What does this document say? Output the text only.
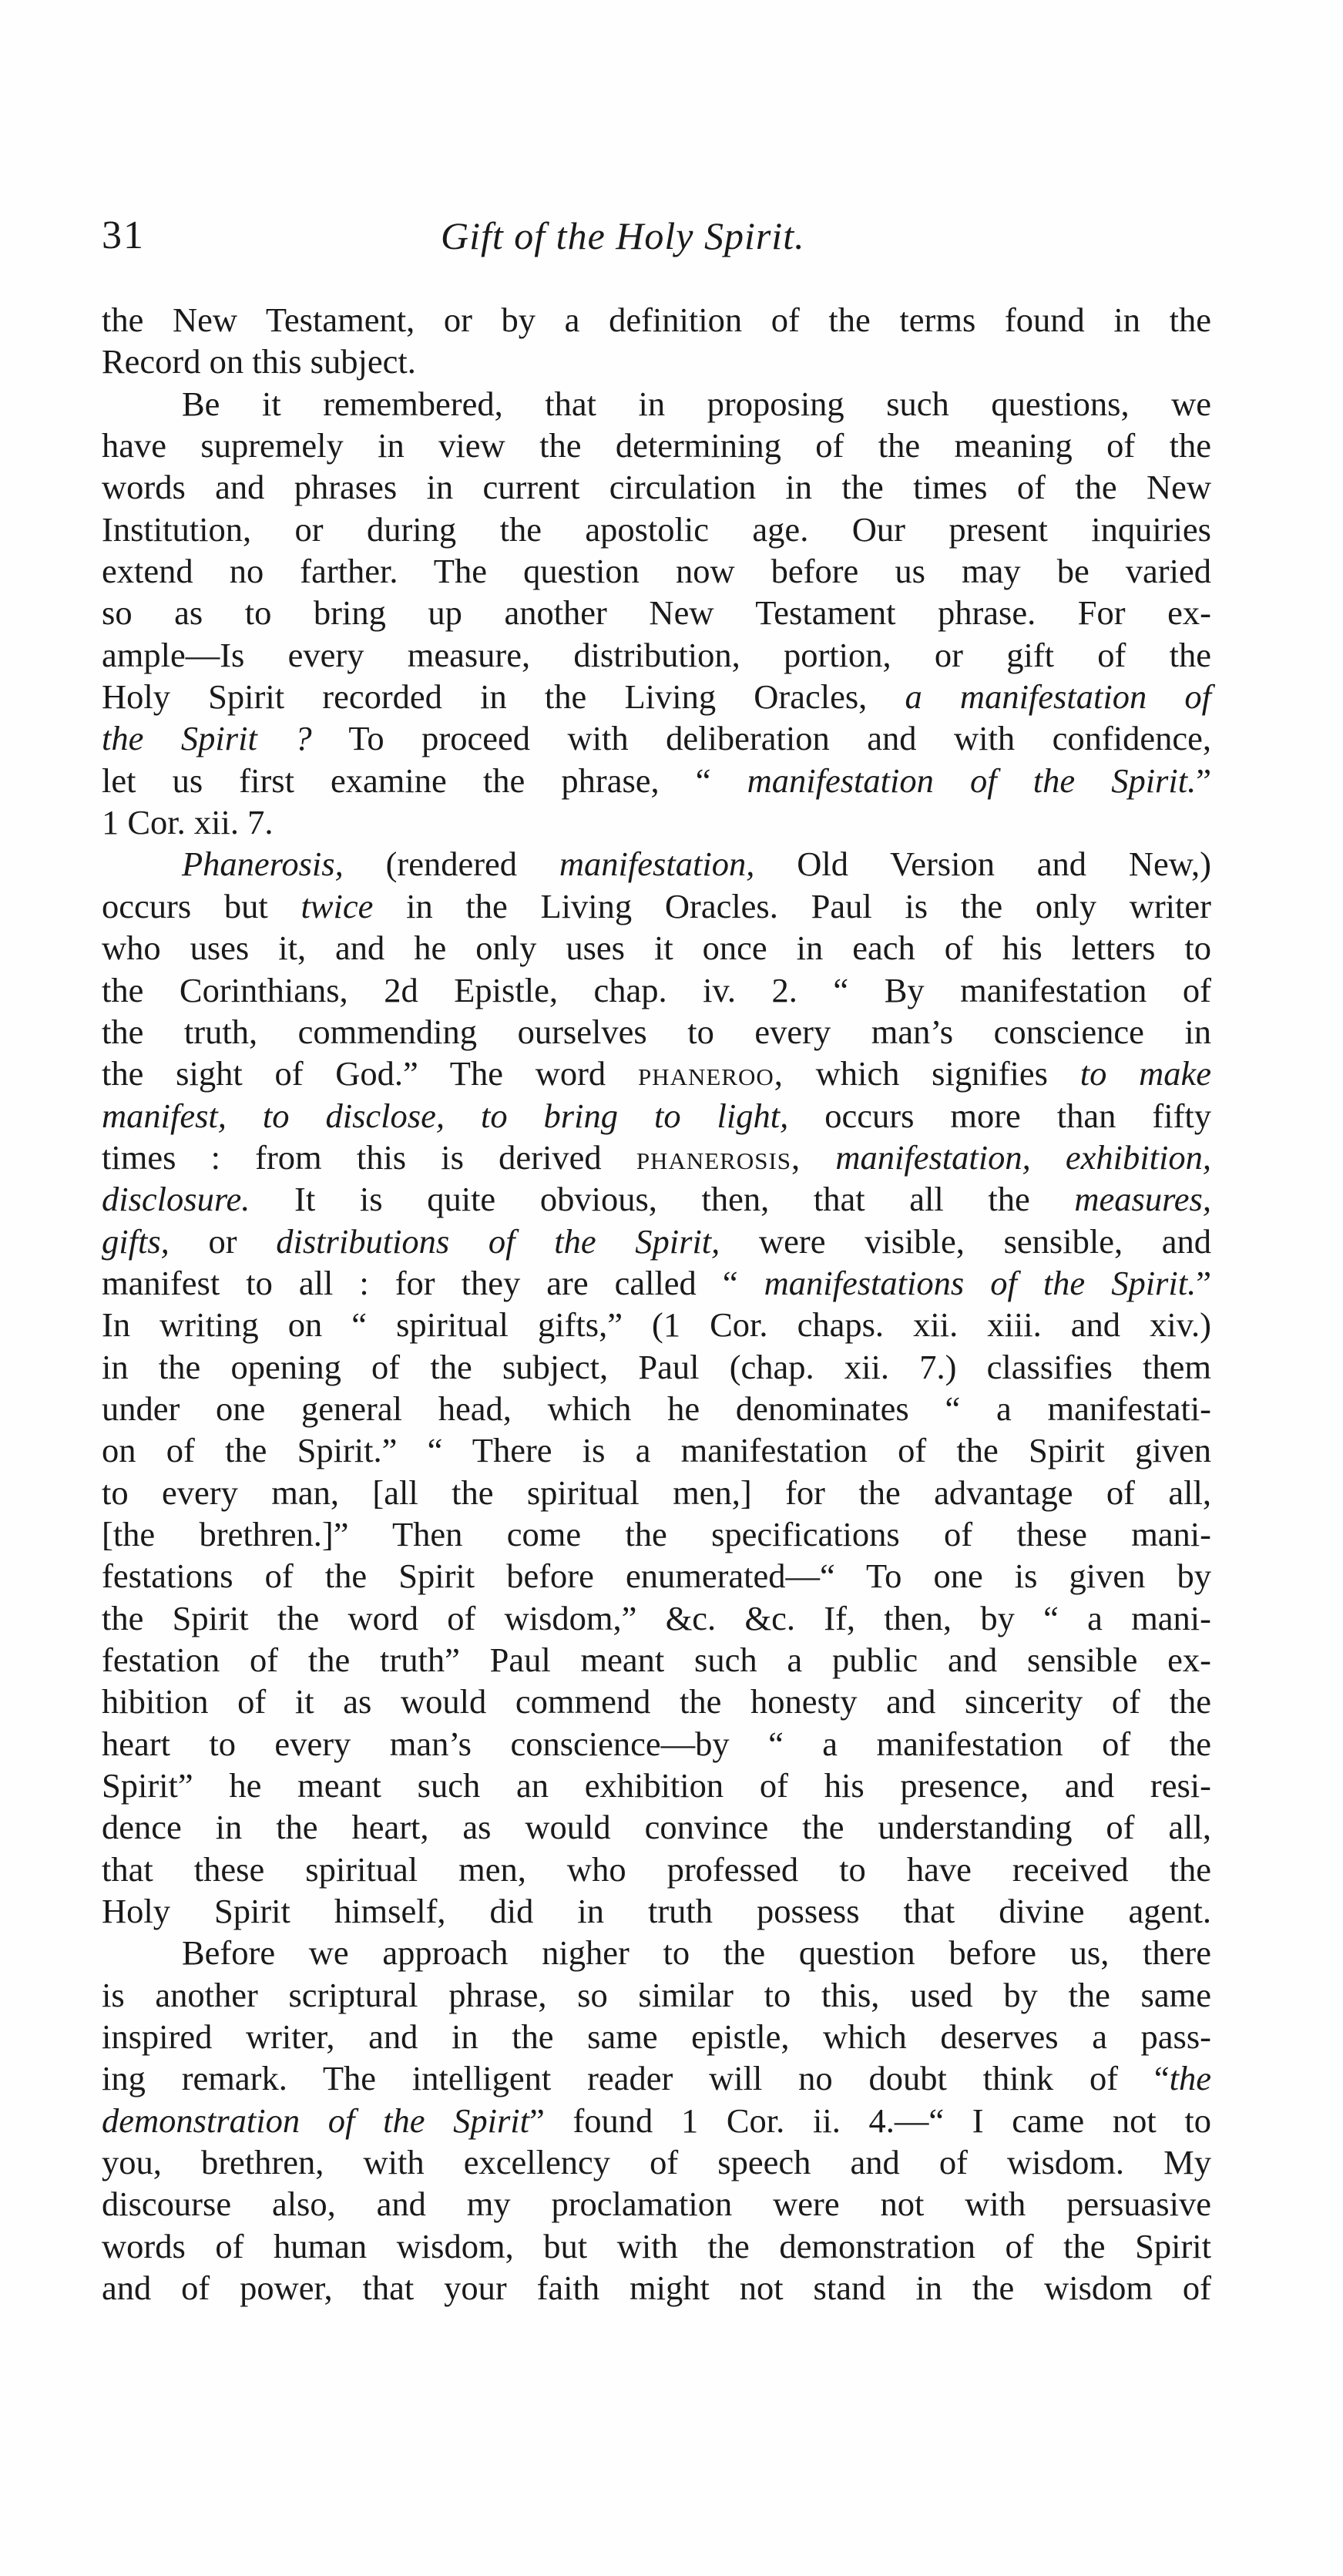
31	Gift of the Holy Spirit.
the New Testament, or by a definition of the terms found in the
Record on this subject.
Be it remembered, that in proposing such questions, we
have supremely in view the determining of the meaning of the
words and phrases in current circulation in the times of the New
Institution, or during the apostolic age. Our present inquiries
extend no farther. The question now before us may be varied
so as to bring up another New Testament phrase. For ex-
ample—Is every measure, distribution, portion, or gift of the
Holy Spirit recorded in the Living Oracles, a manifestation of
the Spirit ? To proceed with deliberation and with confidence,
let us first examine the phrase, “ manifestation of the Spirit.”
1 Cor. xii. 7.
Phanerosis, (rendered manifestation, Old Version and New,)
occurs but twice in the Living Oracles. Paul is the only writer
who uses it, and he only uses it once in each of his letters to
the Corinthians, 2d Epistle, chap. iv. 2. “ By manifestation of
the truth, commending ourselves to every man’s conscience in
the sight of God.” The word phaneroo, which signifies to make
manifest, to disclose, to bring to light, occurs more than fifty
times : from this is derived phanerosis, manifestation, exhibition,
disclosure. It is quite obvious, then, that all the measures,
gifts, or distributions of the Spirit, were visible, sensible, and
manifest to all : for they are called “ manifestations of the Spirit.”
In writing on “ spiritual gifts,” (1 Cor. chaps. xii. xiii. and xiv.)
in the opening of the subject, Paul (chap. xii. 7.) classifies them
under one general head, which he denominates “ a manifestati-
on of the Spirit.” “ There is a manifestation of the Spirit given
to every man, [all the spiritual men,] for the advantage of all,
[the brethren.]” Then come the specifications of these mani-
festations of the Spirit before enumerated—“ To one is given by
the Spirit the word of wisdom,” &c. &c. If, then, by “ a mani-
festation of the truth” Paul meant such a public and sensible ex-
hibition of it as would commend the honesty and sincerity of the
heart to every man’s conscience—by “ a manifestation of the
Spirit” he meant such an exhibition of his presence, and resi-
dence in the heart, as would convince the understanding of all,
that these spiritual men, who professed to have received the
Holy Spirit himself, did in truth possess that divine agent.
Before we approach nigher to the question before us, there
is another scriptural phrase, so similar to this, used by the same
inspired writer, and in the same epistle, which deserves a pass-
ing remark. The intelligent reader will no doubt think of “the
demonstration of the Spirit” found 1 Cor. ii. 4.—“ I came not to
you, brethren, with excellency of speech and of wisdom. My
discourse also, and my proclamation were not with persuasive
words of human wisdom, but with the demonstration of the Spirit
and of power, that your faith might not stand in the wisdom of
